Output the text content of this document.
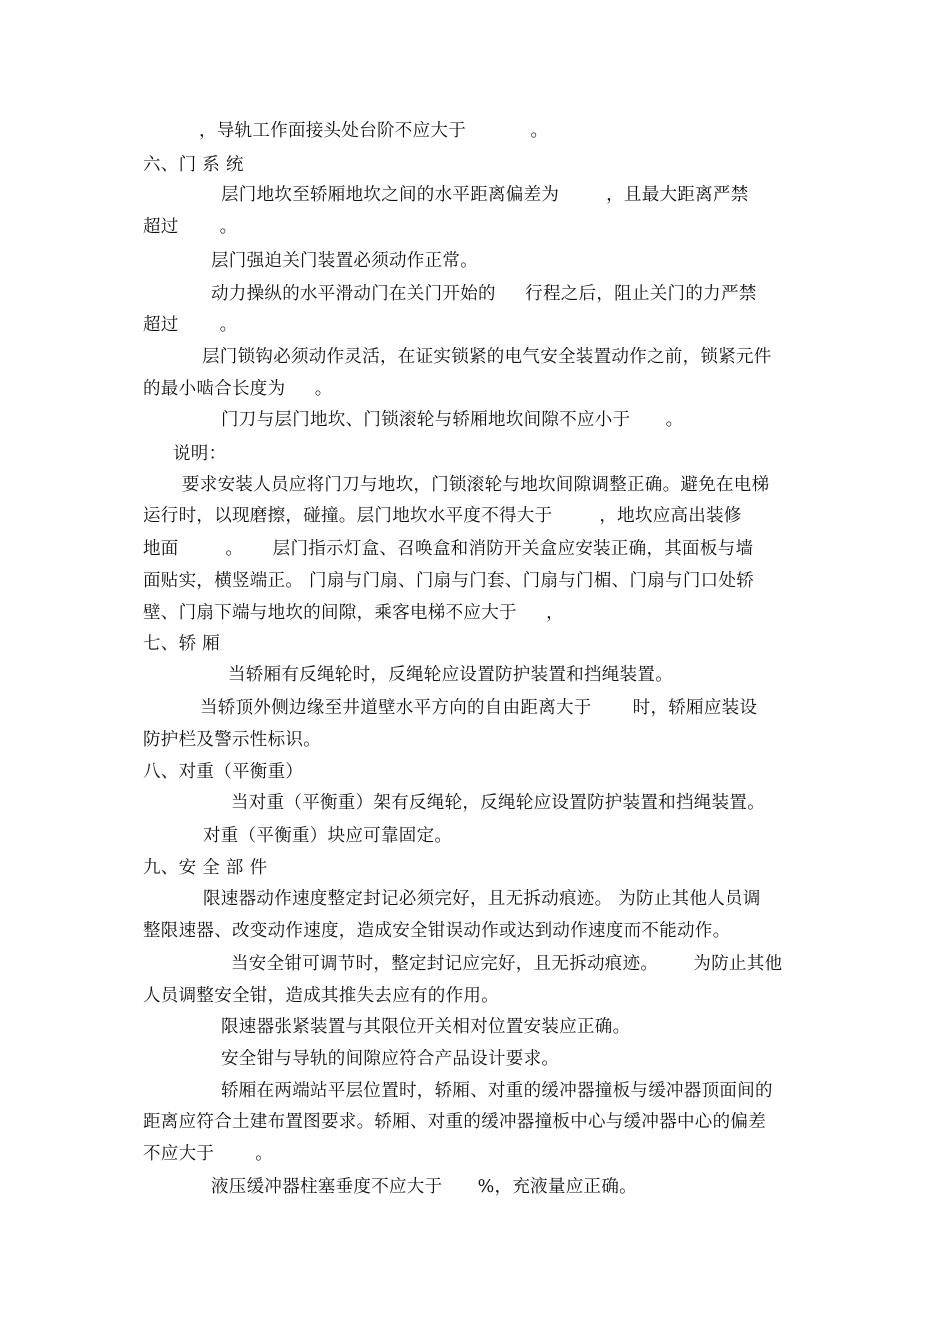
，导轨工作面接头处台阶不应大于	。

六、门 系 统

层门地坎至轿厢地坎之间的水平距离偏差为	，且最大距离严禁

超过 。

层门强迫关门装置必须动作正常。

动力操纵的水平滑动门在关门开始的 行程之后，阻止关门的力严禁

超过 。

层门锁钩必须动作灵活，在证实锁紧的电气安全装置动作之前，锁紧元件

的最小啮合长度为 。

门刀与层门地坎、门锁滚轮与轿厢地坎间隙不应小于 。

说明：

要求安装人员应将门刀与地坎，门锁滚轮与地坎间隙调整正确。避免在电梯

运行时，以现磨擦，碰撞。层门地坎水平度不得大于	，地坎应高出装修

地面	。 层门指示灯盒、召唤盒和消防开关盒应安装正确，其面板与墙

面贴实，横竖端正。 门扇与门扇、门扇与门套、门扇与门楣、门扇与门口处轿

壁、门扇下端与地坎的间隙，乘客电梯不应大于 ，

七、轿 厢

当轿厢有反绳轮时，反绳轮应设置防护装置和挡绳装置。

当轿顶外侧边缘至井道壁水平方向的自由距离大于 时，轿厢应装设

防护栏及警示性标识。

八、对重（平衡重）

当对重（平衡重）架有反绳轮，反绳轮应设置防护装置和挡绳装置。

对重（平衡重）块应可靠固定。

九、安 全 部 件

限速器动作速度整定封记必须完好，且无拆动痕迹。 为防止其他人员调

整限速器、改变动作速度，造成安全钳误动作或达到动作速度而不能动作。

当安全钳可调节时，整定封记应完好，且无拆动痕迹。 为防止其他

人员调整安全钳，造成其推失去应有的作用。

限速器张紧装置与其限位开关相对位置安装应正确。

安全钳与导轨的间隙应符合产品设计要求。

轿厢在两端站平层位置时，轿厢、对重的缓冲器撞板与缓冲器顶面间的

距离应符合土建布置图要求。轿厢、对重的缓冲器撞板中心与缓冲器中心的偏差

不应大于 。

液压缓冲器柱塞垂度不应大于 %，充液量应正确。
